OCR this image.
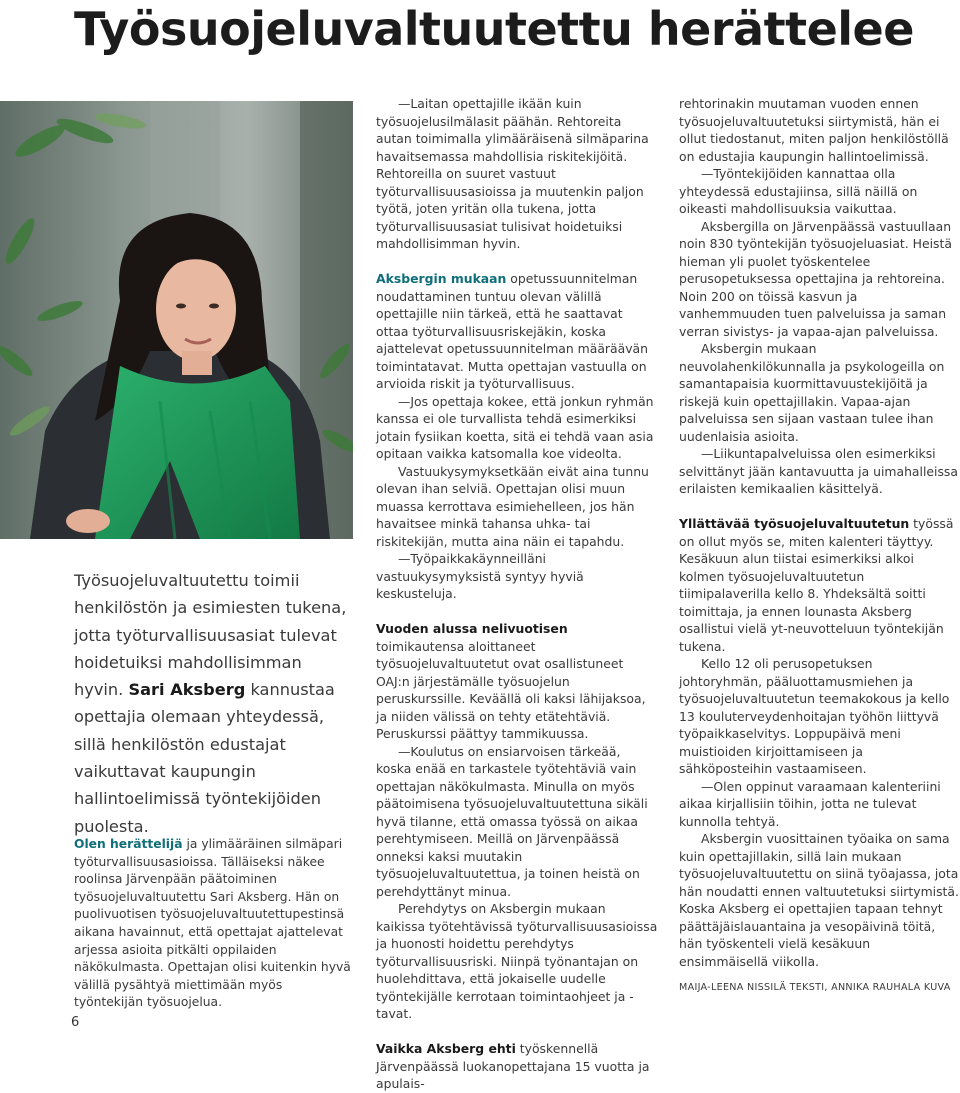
Työsuojeluvaltuutettu herättelee

Työsuojeluvaltuutettu toimii henkilöstön ja esimiesten tukena, jotta työturvallisuusasiat tulevat hoidetuiksi mahdollisimman hyvin. Sari Aksberg kannustaa opettajia olemaan yhteydessä, sillä henkilöstön edustajat vaikuttavat kaupungin hallintoelimissä työntekijöiden puolesta.

Olen herättelijä ja ylimääräinen silmäpari työturvallisuusasioissa. Tälläiseksi näkee roolinsa Järvenpään päätoiminen työsuojeluvaltuutettu Sari Aksberg. Hän on puolivuotisen työsuojeluvaltuutettupestinsä aikana havainnut, että opettajat ajattelevat arjessa asioita pitkälti oppilaiden näkökulmasta. Opettajan olisi kuitenkin hyvä välillä pysähtyä miettimään myös työntekijän työsuojelua.

—Laitan opettajille ikään kuin työsuojelusilmälasit päähän. Rehtoreita autan toimimalla ylimääräisenä silmäparina havaitsemassa mahdollisia riskitekijöitä. Rehtoreilla on suuret vastuut työturvallisuusasioissa ja muutenkin paljon työtä, joten yritän olla tukena, jotta työturvallisuusasiat tulisivat hoidetuiksi mahdollisimman hyvin.

Aksbergin mukaan opetussuunnitelman noudattaminen tuntuu olevan välillä opettajille niin tärkeä, että he saattavat ottaa työturvallisuusriskejäkin, koska ajattelevat opetussuunnitelman määräävän toimintatavat. Mutta opettajan vastuulla on arvioida riskit ja työturvallisuus.

—Jos opettaja kokee, että jonkun ryhmän kanssa ei ole turvallista tehdä esimerkiksi jotain fysiikan koetta, sitä ei tehdä vaan asia opitaan vaikka katsomalla koe videolta.

Vastuukysymyksetkään eivät aina tunnu olevan ihan selviä. Opettajan olisi muun muassa kerrottava esimiehelleen, jos hän havaitsee minkä tahansa uhka- tai riskitekijän, mutta aina näin ei tapahdu.

—Työpaikkakäynneilläni vastuukysymyksistä syntyy hyviä keskusteluja.

Vuoden alussa nelivuotisen toimikautensa aloittaneet työsuojeluvaltuutetut ovat osallistuneet OAJ:n järjestämälle työsuojelun peruskurssille. Keväällä oli kaksi lähijaksoa, ja niiden välissä on tehty etätehtäviä. Peruskurssi päättyy tammikuussa.

—Koulutus on ensiarvoisen tärkeää, koska enää en tarkastele työtehtäviä vain opettajan näkökulmasta. Minulla on myös päätoimisena työsuojeluvaltuutettuna sikäli hyvä tilanne, että omassa työssä on aikaa perehtymiseen. Meillä on Järvenpäässä onneksi kaksi muutakin työsuojeluvaltuutettua, ja toinen heistä on perehdyttänyt minua.

Perehdytys on Aksbergin mukaan kaikissa työtehtävissä työturvallisuusasioissa ja huonosti hoidettu perehdytys työturvallisuusriski. Niinpä työnantajan on huolehdittava, että jokaiselle uudelle työntekijälle kerrotaan toimintaohjeet ja -tavat.

Vaikka Aksberg ehti työskennellä Järvenpäässä luokanopettajana 15 vuotta ja apulais-

rehtorinakin muutaman vuoden ennen työsuojeluvaltuutetuksi siirtymistä, hän ei ollut tiedostanut, miten paljon henkilöstöllä on edustajia kaupungin hallintoelimissä.

—Työntekijöiden kannattaa olla yhteydessä edustajiinsa, sillä näillä on oikeasti mahdollisuuksia vaikuttaa.

Aksbergilla on Järvenpäässä vastuullaan noin 830 työntekijän työsuojeluasiat. Heistä hieman yli puolet työskentelee perusopetuksessa opettajina ja rehtoreina. Noin 200 on töissä kasvun ja vanhemmuuden tuen palveluissa ja saman verran sivistys- ja vapaa-ajan palveluissa.

Aksbergin mukaan neuvolahenkilökunnalla ja psykologeilla on samantapaisia kuormittavuustekijöitä ja riskejä kuin opettajillakin. Vapaa-ajan palveluissa sen sijaan vastaan tulee ihan uudenlaisia asioita.

—Liikuntapalveluissa olen esimerkiksi selvittänyt jään kantavuutta ja uimahalleissa erilaisten kemikaalien käsittelyä.

Yllättävää työsuojeluvaltuutetun työssä on ollut myös se, miten kalenteri täyttyy. Kesäkuun alun tiistai esimerkiksi alkoi kolmen työsuojeluvaltuutetun tiimipalaverilla kello 8. Yhdeksältä soitti toimittaja, ja ennen lounasta Aksberg osallistui vielä yt-neuvotteluun työntekijän tukena.

Kello 12 oli perusopetuksen johtoryhmän, pääluottamusmiehen ja työsuojeluvaltuutetun teemakokous ja kello 13 kouluterveydenhoitajan työhön liittyvä työpaikkaselvitys. Loppupäivä meni muistioiden kirjoittamiseen ja sähköposteihin vastaamiseen.

—Olen oppinut varaamaan kalenteriini aikaa kirjallisiin töihin, jotta ne tulevat kunnolla tehtyä.

Aksbergin vuosittainen työaika on sama kuin opettajillakin, sillä lain mukaan työsuojeluvaltuutettu on siinä työajassa, jota hän noudatti ennen valtuutetuksi siirtymistä. Koska Aksberg ei opettajien tapaan tehnyt päättäjäislauantaina ja vesopäivinä töitä, hän työskenteli vielä kesäkuun ensimmäisellä viikolla.

MAIJA-LEENA NISSILÄ TEKSTI, ANNIKA RAUHALA KUVA
6
